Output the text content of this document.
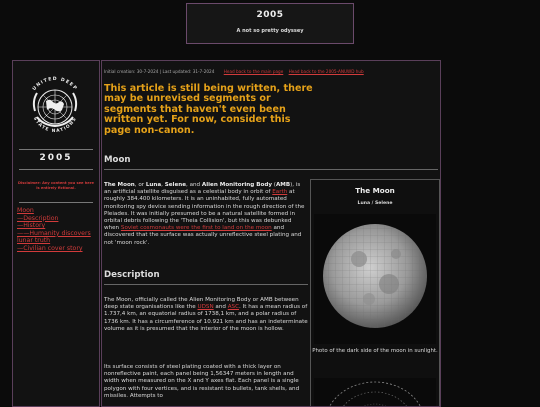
2005
A not so pretty odyssey
UNITED DEEP
STATE NATIONS
2005
Disclaimer: Any content you see here is entirely fictional.
Moon
—Description
—History
——Humanity discovers lunar truth
—Civilian cover story
Initial creation: 30-7-2024 | Last updated: 31-7-2024 Head back to the main page Head back to the 2005-ANUWD hub
This article is still being written, there may be unrevised segments or segments that haven't even been written yet. For now, consider this page non-canon.
Moon
The Moon, or Luna, Selene, and Alien Monitoring Body (AMB), is an artificial satellite disguised as a celestial body in orbit of Earth at roughly 384.400 kilometers. It is an uninhabited, fully automated monitoring spy device sending information in the rough direction of the Pleiades. It was initially presumed to be a natural satellite formed in orbital debris following the 'Theia Collision', but this was debunked when Soviet cosmonauts were the first to land on the moon and discovered that the surface was actually unreflective steel plating and not 'moon rock'.
Description
The Moon, officially called the Alien Monitoring Body or AMB between deep state organisations like the UDSN and ASC. It has a mean radius of 1.737,4 km, an equatorial radius of 1738,1 km, and a polar radius of 1736 km. It has a circumference of 10.921 km and has an indeterminate volume as it is presumed that the interior of the moon is hollow.
Its surface consists of steel plating coated with a thick layer on nonreflective paint, each panel being 1,56347 meters in length and width when measured on the X and Y axes flat. Each panel is a single polygon with four vertices, and is resistant to bullets, tank shells, and missiles. Attempts to
The Moon
Luna / Selene
Photo of the dark side of the moon in sunlight.
